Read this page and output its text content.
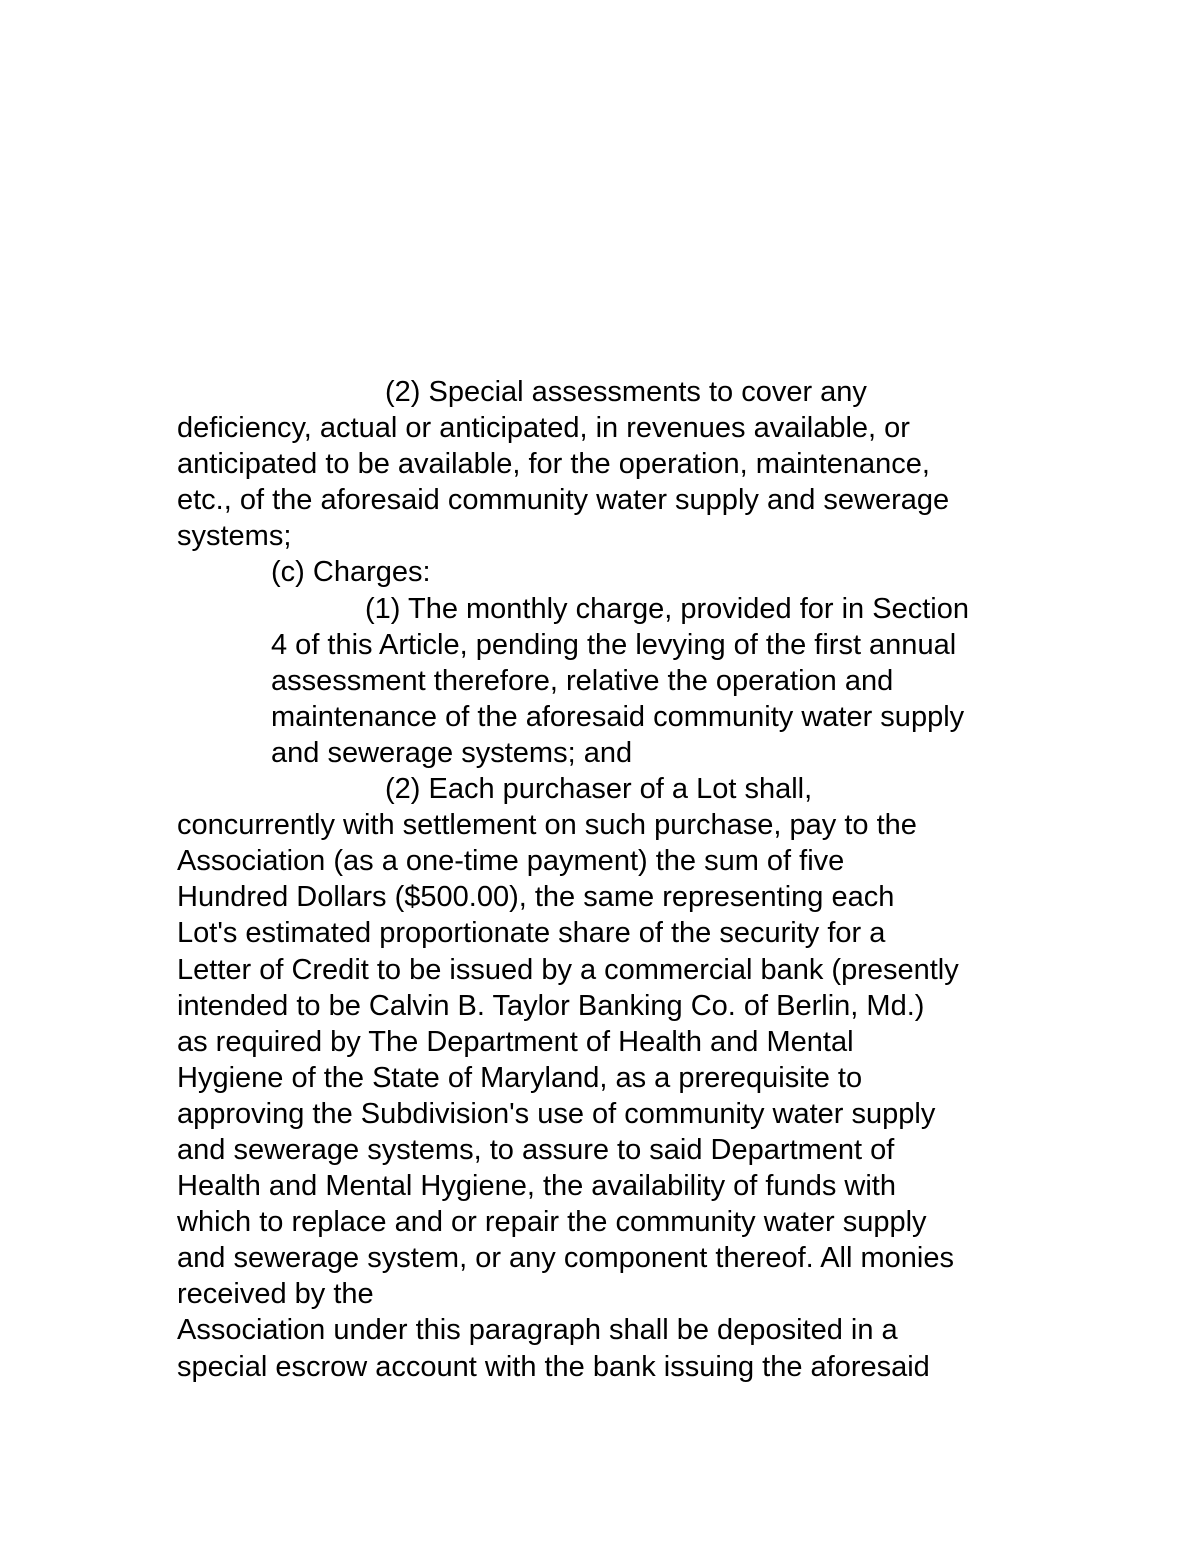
(2) Special assessments to cover any
deficiency, actual or anticipated, in revenues available, or
anticipated to be available, for the operation, maintenance,
etc., of the aforesaid community water supply and sewerage
systems;
(c) Charges:
(1) The monthly charge, provided for in Section
4 of this Article, pending the levying of the first annual
assessment therefore, relative the operation and
maintenance of the aforesaid community water supply
and sewerage systems; and
(2) Each purchaser of a Lot shall,
concurrently with settlement on such purchase, pay to the
Association (as a one-time payment) the sum of five
Hundred Dollars ($500.00), the same representing each
Lot's estimated proportionate share of the security for a
Letter of Credit to be issued by a commercial bank (presently
intended to be Calvin B. Taylor Banking Co. of Berlin, Md.)
as required by The Department of Health and Mental
Hygiene of the State of Maryland, as a prerequisite to
approving the Subdivision's use of community water supply
and sewerage systems, to assure to said Department of
Health and Mental Hygiene, the availability of funds with
which to replace and or repair the community water supply
and sewerage system, or any component thereof. All monies
received by the
Association under this paragraph shall be deposited in a
special escrow account with the bank issuing the aforesaid
